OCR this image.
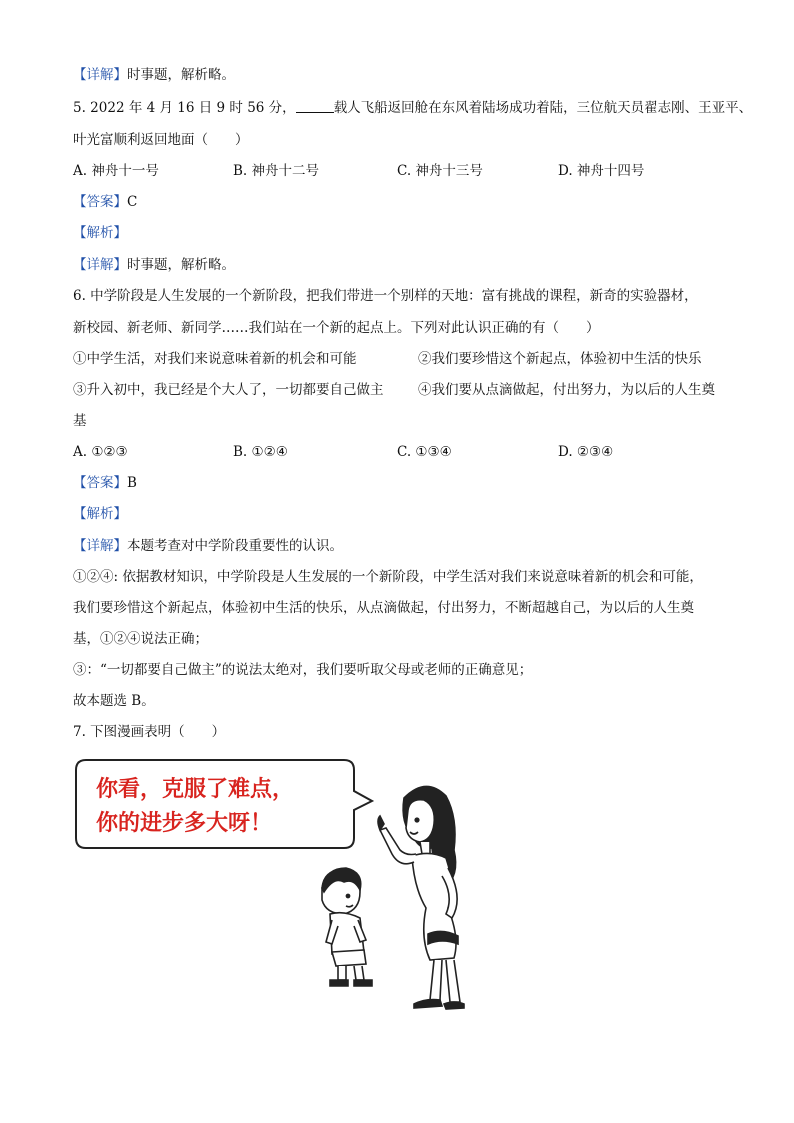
【详解】时事题，解析略。
5. 2022 年 4 月 16 日 9 时 56 分，	载人飞船返回舱在东风着陆场成功着陆，三位航天员翟志刚、王亚平、
叶光富顺利返回地面（　　）
A. 神舟十一号	B. 神舟十二号	C. 神舟十三号	D. 神舟十四号
【答案】C
【解析】
【详解】时事题，解析略。
6. 中学阶段是人生发展的一个新阶段，把我们带进一个别样的天地：富有挑战的课程，新奇的实验器材，
新校园、新老师、新同学……我们站在一个新的起点上。下列对此认识正确的有（　　）
①中学生活，对我们来说意味着新的机会和可能	②我们要珍惜这个新起点，体验初中生活的快乐
③升入初中，我已经是个大人了，一切都要自己做主	④我们要从点滴做起，付出努力，为以后的人生奠
基
A. ①②③	B. ①②④	C. ①③④	D. ②③④
【答案】B
【解析】
【详解】本题考查对中学阶段重要性的认识。
①②④: 依据教材知识，中学阶段是人生发展的一个新阶段，中学生活对我们来说意味着新的机会和可能，
我们要珍惜这个新起点，体验初中生活的快乐，从点滴做起，付出努力，不断超越自己，为以后的人生奠
基，①②④说法正确；
③：“一切都要自己做主”的说法太绝对，我们要听取父母或老师的正确意见；
故本题选 B。
7. 下图漫画表明（　　）
你看，克服了难点，
你的进步多大呀！
